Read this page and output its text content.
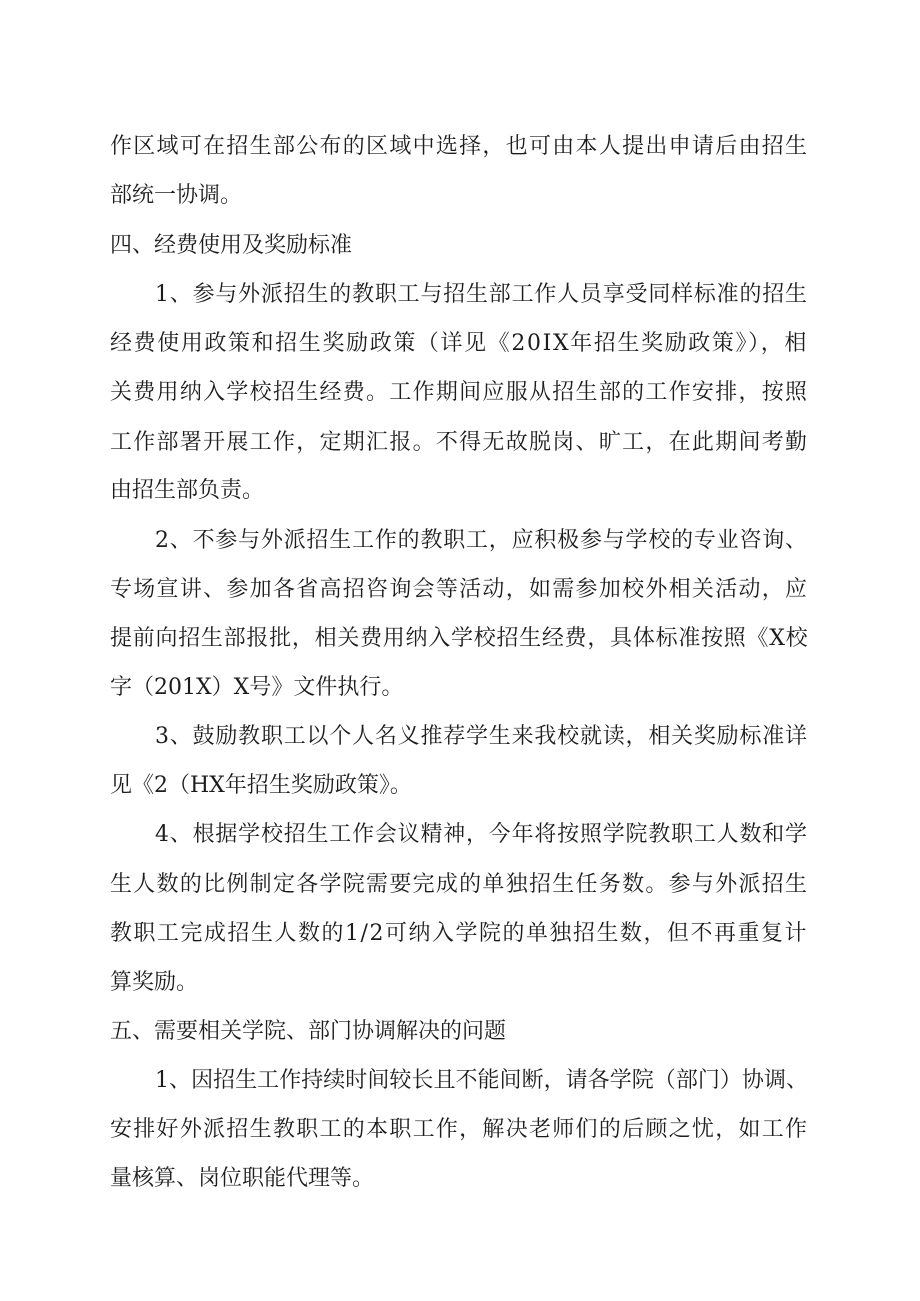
作区域可在招生部公布的区域中选择，也可由本人提出申请后由招生

部统一协调。

四、经费使用及奖励标准

1、参与外派招生的教职工与招生部工作人员享受同样标准的招生

经费使用政策和招生奖励政策（详见《20IX年招生奖励政策》），相

关费用纳入学校招生经费。工作期间应服从招生部的工作安排，按照

工作部署开展工作，定期汇报。不得无故脱岗、旷工，在此期间考勤

由招生部负责。

2、不参与外派招生工作的教职工，应积极参与学校的专业咨询、

专场宣讲、参加各省高招咨询会等活动，如需参加校外相关活动，应

提前向招生部报批，相关费用纳入学校招生经费，具体标准按照《X校

字（201X）X号》文件执行。

3、鼓励教职工以个人名义推荐学生来我校就读，相关奖励标准详

见《2（HX年招生奖励政策》。

4、根据学校招生工作会议精神，今年将按照学院教职工人数和学

生人数的比例制定各学院需要完成的单独招生任务数。参与外派招生

教职工完成招生人数的1/2可纳入学院的单独招生数，但不再重复计

算奖励。

五、需要相关学院、部门协调解决的问题

1、因招生工作持续时间较长且不能间断，请各学院（部门）协调、

安排好外派招生教职工的本职工作，解决老师们的后顾之忧，如工作

量核算、岗位职能代理等。
